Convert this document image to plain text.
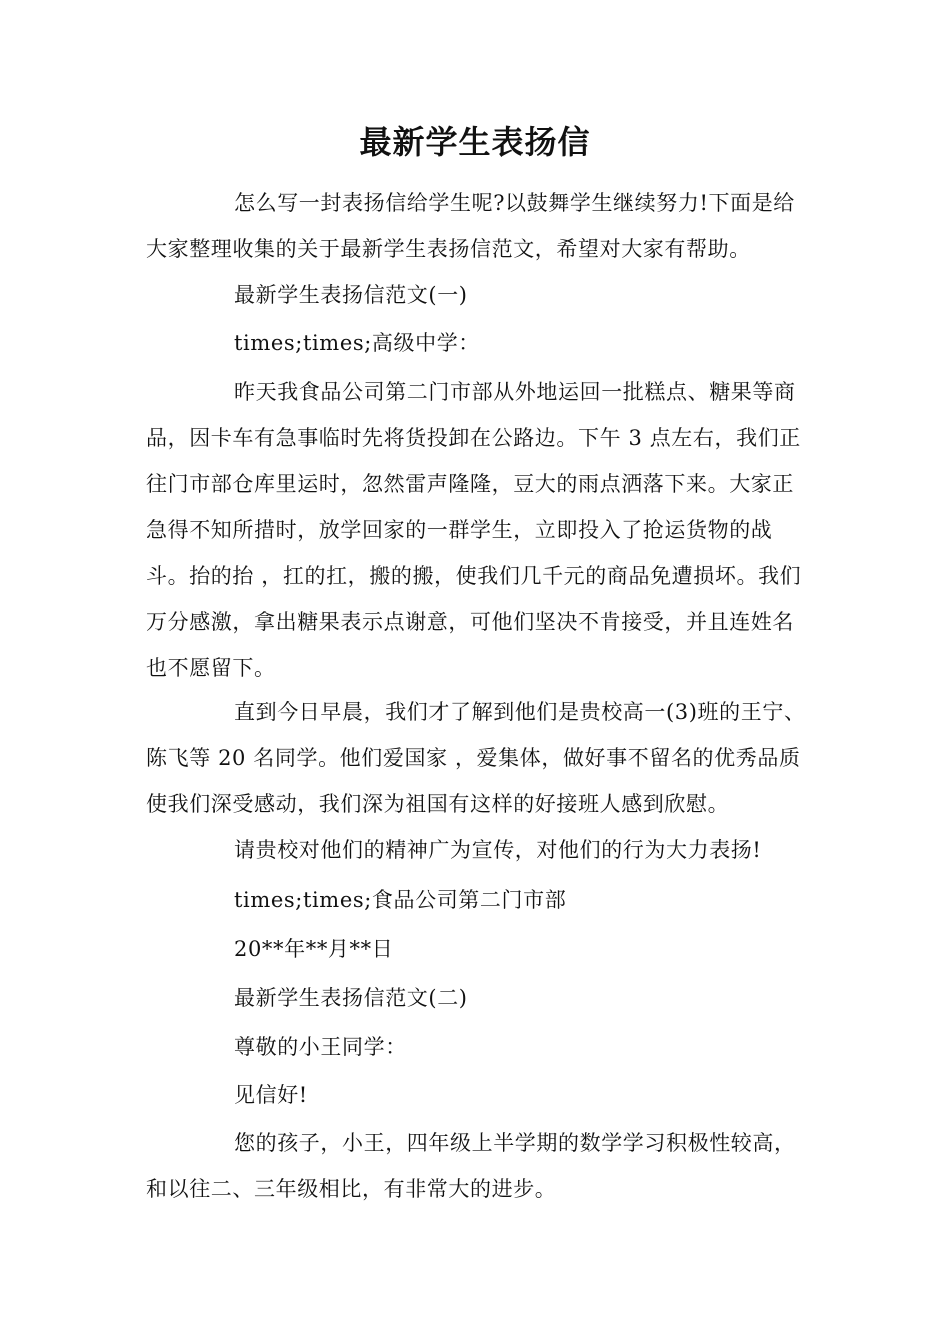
最新学生表扬信

怎么写一封表扬信给学生呢?以鼓舞学生继续努力!下面是给大家整理收集的关于最新学生表扬信范文，希望对大家有帮助。

最新学生表扬信范文(一)

times;times;高级中学：

昨天我食品公司第二门市部从外地运回一批糕点、糖果等商品，因卡车有急事临时先将货投卸在公路边。下午 3 点左右，我们正往门市部仓库里运时，忽然雷声隆隆，豆大的雨点洒落下来。大家正急得不知所措时，放学回家的一群学生，立即投入了抢运货物的战斗。抬的抬 ，扛的扛，搬的搬，使我们几千元的商品免遭损坏。我们万分感激，拿出糖果表示点谢意，可他们坚决不肯接受，并且连姓名也不愿留下。

直到今日早晨，我们才了解到他们是贵校高一(3)班的王宁、陈飞等 20 名同学。他们爱国家 ，爱集体，做好事不留名的优秀品质使我们深受感动，我们深为祖国有这样的好接班人感到欣慰。

请贵校对他们的精神广为宣传，对他们的行为大力表扬!

times;times;食品公司第二门市部

20**年**月**日

最新学生表扬信范文(二)

尊敬的小王同学：

见信好!

您的孩子，小王，四年级上半学期的数学学习积极性较高，和以往二、三年级相比，有非常大的进步。
